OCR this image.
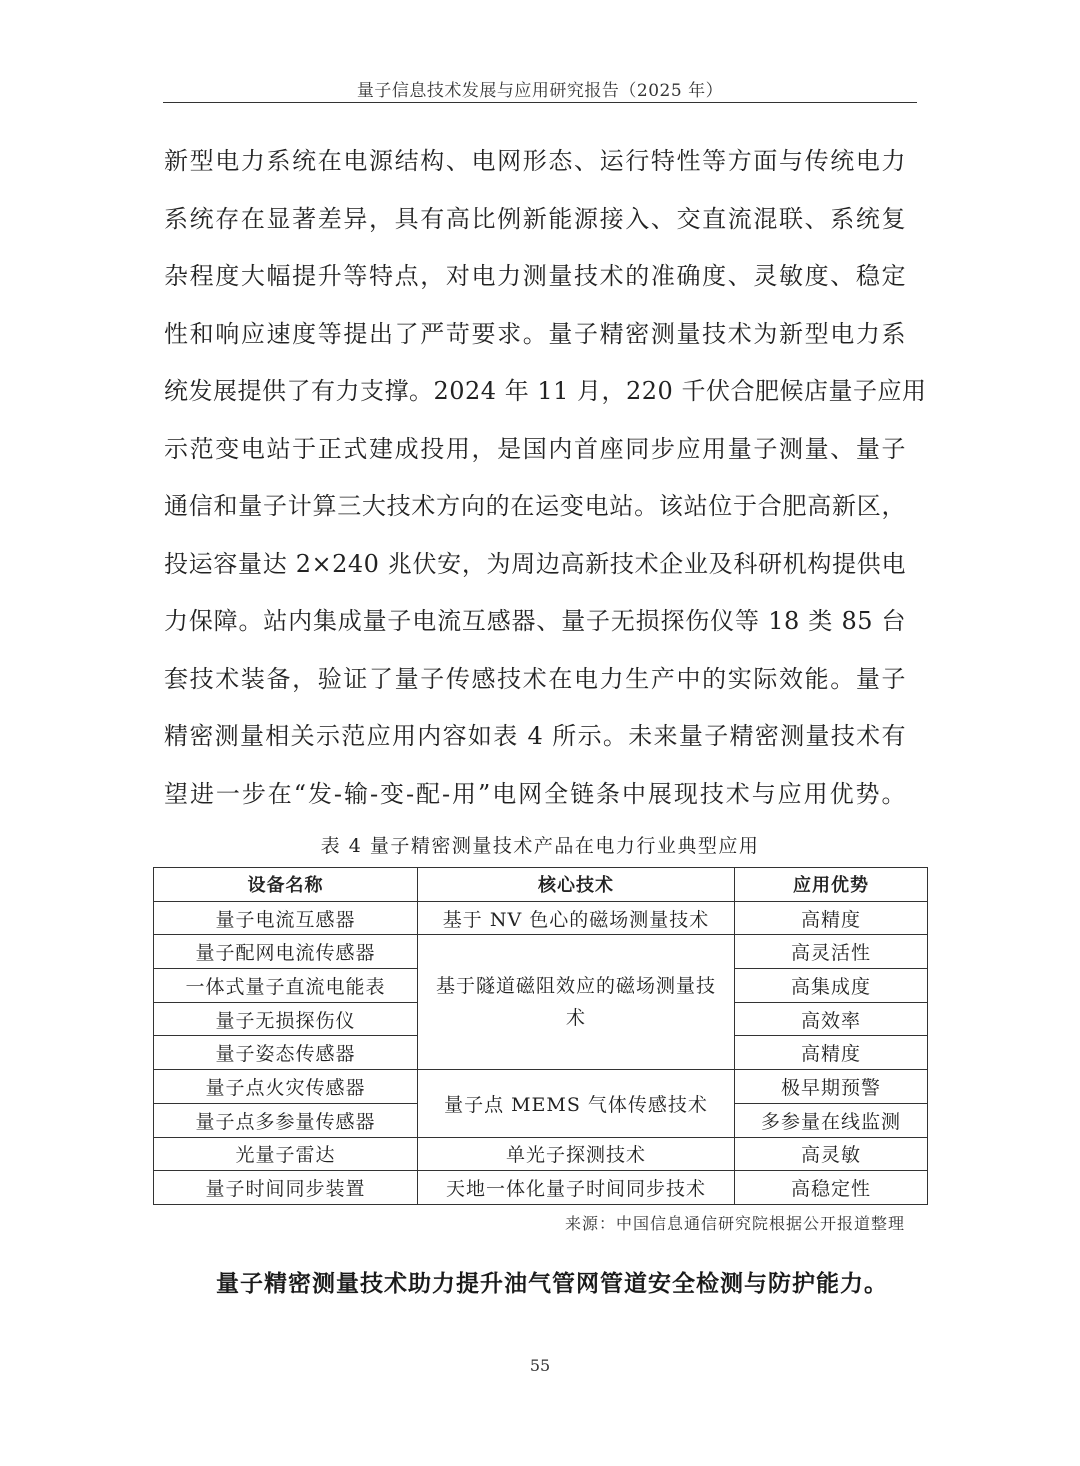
量子信息技术发展与应用研究报告（2025 年）
新型电力系统在电源结构、电网形态、运行特性等方面与传统电力
系统存在显著差异，具有高比例新能源接入、交直流混联、系统复
杂程度大幅提升等特点，对电力测量技术的准确度、灵敏度、稳定
性和响应速度等提出了严苛要求。量子精密测量技术为新型电力系
统发展提供了有力支撑。2024 年 11 月，220 千伏合肥候店量子应用
示范变电站于正式建成投用，是国内首座同步应用量子测量、量子
通信和量子计算三大技术方向的在运变电站。该站位于合肥高新区，
投运容量达 2×240 兆伏安，为周边高新技术企业及科研机构提供电
力保障。站内集成量子电流互感器、量子无损探伤仪等 18 类 85 台
套技术装备，验证了量子传感技术在电力生产中的实际效能。量子
精密测量相关示范应用内容如表 4 所示。未来量子精密测量技术有
望进一步在“发-输-变-配-用”电网全链条中展现技术与应用优势。
表 4 量子精密测量技术产品在电力行业典型应用
设备名称	核心技术	应用优势
量子电流互感器	基于 NV 色心的磁场测量技术	高精度
量子配网电流传感器	基于隧道磁阻效应的磁场测量技术	高灵活性
一体式量子直流电能表		高集成度
量子无损探伤仪		高效率
量子姿态传感器		高精度
量子点火灾传感器	量子点 MEMS 气体传感技术	极早期预警
量子点多参量传感器		多参量在线监测
光量子雷达	单光子探测技术	高灵敏
量子时间同步装置	天地一体化量子时间同步技术	高稳定性
来源：中国信息通信研究院根据公开报道整理
量子精密测量技术助力提升油气管网管道安全检测与防护能力。
55
